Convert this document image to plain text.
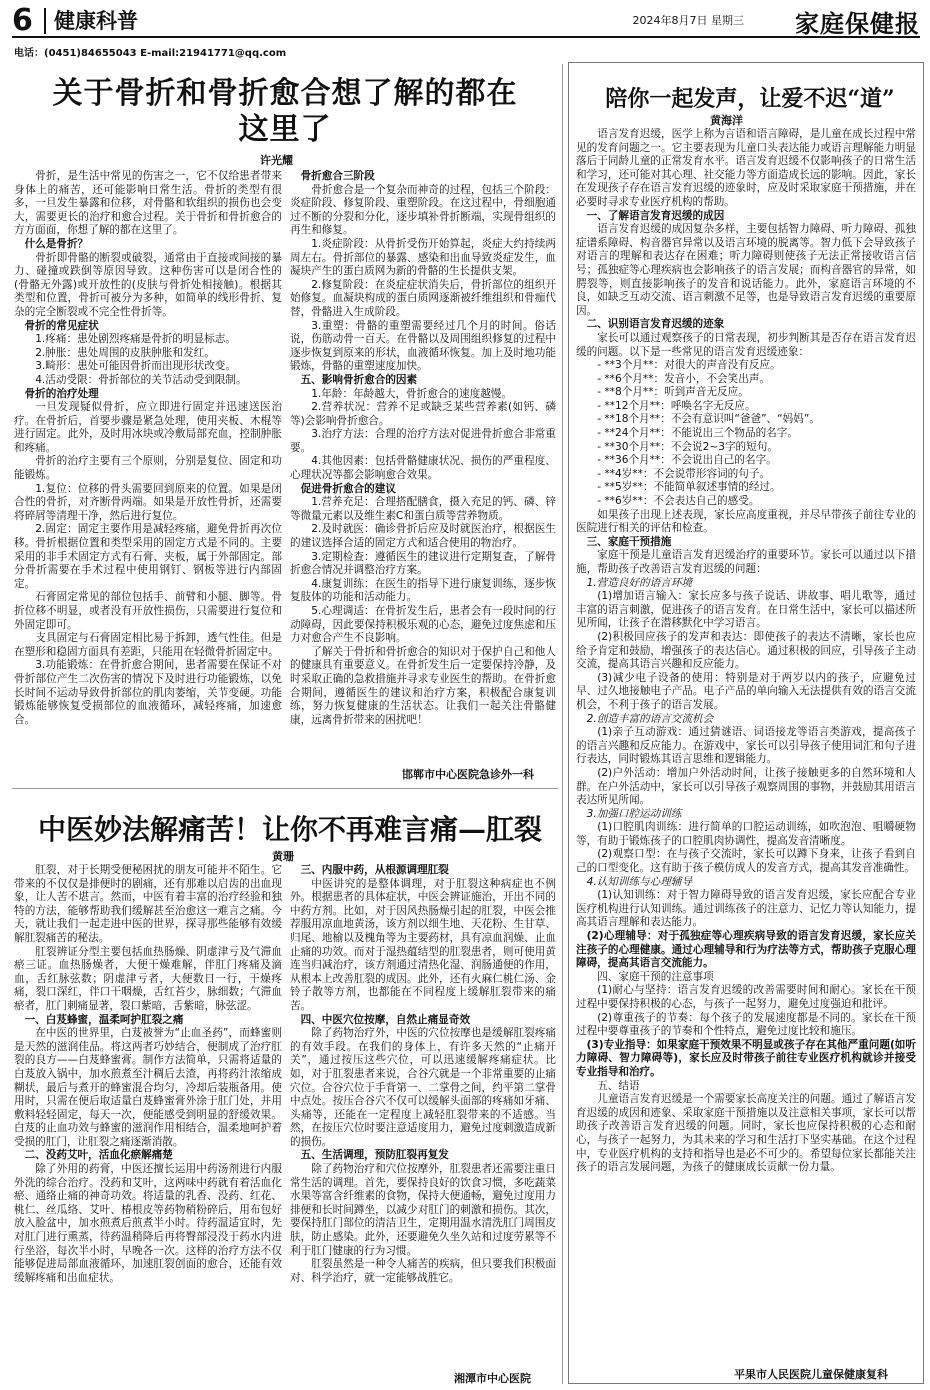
6	健康科普	2024年8月7日 星期三 家庭保健报
电话：(0451)84655043 E-mail:21941771@qq.com
关于骨折和骨折愈合想了解的都在这里了
许光耀

骨折，是生活中常见的伤害之一，它不仅给患者带来身体上的痛苦，还可能影响日常生活。骨折的类型有很多，一旦发生暴露和位移，对骨骼和软组织的损伤也会变大，需要更长的治疗和愈合过程。关于骨折和骨折愈合的方方面面，你想了解的都在这里了。

什么是骨折？

骨折即骨骼的断裂或破裂，通常由于直接或间接的暴力、碰撞或跌倒等原因导致。这种伤害可以是闭合性的(骨骼无外露)或开放性的(皮肤与骨折处相接触)。根据其类型和位置，骨折可被分为多种，如简单的线形骨折、复杂的完全断裂或不完全性骨折等。

骨折的常见症状

1.疼痛：患处剧烈疼痛是骨折的明显标志。

2.肿胀：患处周围的皮肤肿胀和发红。

3.畸形：患处可能因骨折而出现形状改变。

4.活动受限：骨折部位的关节活动受到限制。

骨折的治疗处理

一旦发现疑似骨折，应立即进行固定并迅速送医治疗。在骨折后，首要步骤是紧急处理，使用夹板、木棍等进行固定。此外，及时用冰块或冷敷局部充血，控制肿胀和疼痛。

骨折的治疗主要有三个原则，分别是复位、固定和功能锻炼。

1.复位：位移的骨头需要回到原来的位置。如果是闭合性的骨折，对齐断骨两端。如果是开放性骨折，还需要将碎屑等清理干净，然后进行复位。

2.固定：固定主要作用是减轻疼痛，避免骨折再次位移。骨折根据位置和类型采用的固定方式是不同的。主要采用的非手术固定方式有石膏、夹板，属于外部固定。部分骨折需要在手术过程中使用钢钉、钢板等进行内部固定。

石膏固定常见的部位包括手、前臂和小腿、脚等。骨折位移不明显，或者没有开放性损伤，只需要进行复位和外固定即可。

支具固定与石膏固定相比易于拆卸，透气性佳。但是在塑形和稳固方面具有差距，只能用在轻微骨折固定中。

3.功能锻炼：在骨折愈合期间，患者需要在保证不对骨折部位产生二次伤害的情况下及时进行功能锻炼，以免长时间不运动导致骨折部位的肌肉萎缩，关节变硬。功能锻炼能够恢复受损部位的血液循环，减轻疼痛，加速愈合。

骨折愈合三阶段

骨折愈合是一个复杂而神奇的过程，包括三个阶段：炎症阶段、修复阶段、重塑阶段。在这过程中，骨细胞通过不断的分裂和分化，逐步填补骨折断端，实现骨组织的再生和修复。

1.炎症阶段：从骨折受伤开始算起，炎症大约持续两周左右。骨折部位的暴露、感染和出血导致炎症发生，血凝块产生的蛋白质网为新的骨骼的生长提供支架。

2.修复阶段：在炎症症状消失后，骨折部位的组织开始修复。血凝块构成的蛋白质网逐渐被纤维组织和骨痂代替，骨骼进入生成阶段。

3.重塑：骨骼的重塑需要经过几个月的时间。俗话说，伤筋动骨一百天。在骨骼以及周围组织修复的过程中逐步恢复到原来的形状，血液循环恢复。加上及时地功能锻炼，骨骼的重塑速度加快。

五、影响骨折愈合的因素

1.年龄：年龄越大，骨折愈合的速度越慢。

2.营养状况：营养不足或缺乏某些营养素(如钙、磷等)会影响骨折愈合。

3.治疗方法：合理的治疗方法对促进骨折愈合非常重要。

4.其他因素：包括骨骼健康状况、损伤的严重程度、心理状况等都会影响愈合效果。

促进骨折愈合的建议

1.营养充足：合理搭配膳食，摄入充足的钙、磷、锌等微量元素以及维生素C和蛋白质等营养物质。

2.及时就医：确诊骨折后应及时就医治疗，根据医生的建议选择合适的固定方式和适合使用的物治疗。

3.定期检查：遵循医生的建议进行定期复查，了解骨折愈合情况并调整治疗方案。

4.康复训练：在医生的指导下进行康复训练，逐步恢复肢体的功能和活动能力。

5.心理调适：在骨折发生后，患者会有一段时间的行动障碍，因此要保持积极乐观的心态，避免过度焦虑和压力对愈合产生不良影响。

了解关于骨折和骨折愈合的知识对于保护自己和他人的健康具有重要意义。在骨折发生后一定要保持冷静，及时采取正确的急救措施并寻求专业医生的帮助。在骨折愈合期间，遵循医生的建议和治疗方案，积极配合康复训练，努力恢复健康的生活状态。让我们一起关注骨骼健康，远离骨折带来的困扰吧！

邯郸市中心医院急诊外一科
中医妙法解痛苦！让你不再难言痛—肛裂
黄珊

肛裂，对于长期受便秘困扰的朋友可能并不陌生。它带来的不仅仅是排便时的剧痛，还有那难以启齿的出血现象，让人苦不堪言。然而，中医有着丰富的治疗经验和独特的方法，能够帮助我们缓解甚至治愈这一难言之痛。今天，就让我们一起走进中医的世界，探寻那些能够有效缓解肛裂痛苦的秘法。

肛裂辨证分型主要包括血热肠燥、阴虚津亏及气滞血瘀三证。血热肠燥者，大便干燥难解，伴肛门疼痛及滴血，舌红脉弦数；阴虚津亏者，大便数日一行，干燥疼痛，裂口深红，伴口干咽燥，舌红苔少，脉细数；气滞血瘀者，肛门刺痛显著，裂口紫暗，舌紫暗，脉弦涩。

一、白芨蜂蜜，温柔呵护肛裂之痛

在中医的世界里，白芨被誉为“止血圣药”，而蜂蜜则是天然的滋润佳品。将这两者巧妙结合，便制成了治疗肛裂的良方——白芨蜂蜜膏。制作方法简单，只需将适量的白芨放入锅中，加水煎煮至汁稠后去渣，再将药汁浓缩成糊状，最后与煮开的蜂蜜混合均匀，冷却后装瓶备用。使用时，只需在便后取适量白芨蜂蜜膏外涂于肛门处，并用敷料轻轻固定，每天一次，便能感受到明显的舒缓效果。白芨的止血功效与蜂蜜的滋润作用相结合，温柔地呵护着受损的肛门，让肛裂之痛逐渐消散。

二、没药艾叶，活血化瘀解痛楚

除了外用的药膏，中医还擅长运用中药汤剂进行内服外洗的综合治疗。没药和艾叶，这两味中药就有着活血化瘀、通络止痛的神奇功效。将适量的乳香、没药、红花、桃仁、丝瓜络、艾叶、椿根皮等药物稍粉碎后，用布包好放入脸盆中，加水煎煮后煎煮半小时。待药温适宜时，先对肛门进行熏蒸，待药温稍降后再将臀部浸没于药水内进行坐浴，每次半小时，早晚各一次。这样的治疗方法不仅能够促进局部血液循环，加速肛裂创面的愈合，还能有效缓解疼痛和出血症状。

三、内服中药，从根源调理肛裂

中医讲究的是整体调理，对于肛裂这种病症也不例外。根据患者的具体症状，中医会辨证施治，开出不同的中药方剂。比如，对于因风热肠燥引起的肛裂，中医会推荐服用凉血地黄汤，该方剂以细生地、天花粉、生甘草、归尾、地榆以及槐角等为主要药材，具有凉血润燥、止血止痛的功效。而对于湿热蕴结型的肛裂患者，则可使用黄连当归减治疗，该方剂通过清热化湿、润肠通便的作用，从根本上改善肛裂的成因。此外，还有火麻仁桃仁汤、金铃子散等方剂，也都能在不同程度上缓解肛裂带来的痛苦。

四、中医穴位按摩，自然止痛显奇效

除了药物治疗外，中医的穴位按摩也是缓解肛裂疼痛的有效手段。在我们的身体上，有许多天然的“止痛开关”，通过按压这些穴位，可以迅速缓解疼痛症状。比如，对于肛裂患者来说，合谷穴就是一个非常重要的止痛穴位。合谷穴位于手背第一、二掌骨之间，约平第二掌骨中点处。按压合谷穴不仅可以缓解头面部的疼痛如牙痛、头痛等，还能在一定程度上减轻肛裂带来的不适感。当然，在按压穴位时要注意适度用力，避免过度刺激造成新的损伤。

五、生活调理，预防肛裂再复发

除了药物治疗和穴位按摩外，肛裂患者还需要注重日常生活的调理。首先，要保持良好的饮食习惯，多吃蔬菜水果等富含纤维素的食物，保持大便通畅，避免过度用力排便和长时间蹲坐，以减少对肛门的刺激和损伤。其次，要保持肛门部位的清洁卫生，定期用温水清洗肛门周围皮肤，防止感染。此外，还要避免久坐久站和过度劳累等不利于肛门健康的行为习惯。

肛裂虽然是一种令人痛苦的疾病，但只要我们积极面对、科学治疗，就一定能够战胜它。

湘潭市中心医院
陪你一起发声，让爱不迟“道”
黄海洋

语言发育迟缓，医学上称为言语和语言障碍，是儿童在成长过程中常见的发育问题之一。它主要表现为儿童口头表达能力或语言理解能力明显落后于同龄儿童的正常发育水平。语言发育迟缓不仅影响孩子的日常生活和学习，还可能对其心理、社交能力等方面造成长远的影响。因此，家长在发现孩子存在语言发育迟缓的迹象时，应及时采取家庭干预措施，并在必要时寻求专业医疗机构的帮助。

一、了解语言发育迟缓的成因

语言发育迟缓的成因复杂多样，主要包括智力障碍、听力障碍、孤独症谱系障碍、构音器官异常以及语言环境的脱离等。智力低下会导致孩子对语言的理解和表达存在困难；听力障碍则使孩子无法正常接收语言信号；孤独症等心理疾病也会影响孩子的语言发展；而构音器官的异常，如腭裂等，则直接影响孩子的发音和说话能力。此外，家庭语言环境的不良，如缺乏互动交流、语言刺激不足等，也是导致语言发育迟缓的重要原因。

二、识别语言发育迟缓的迹象

家长可以通过观察孩子的日常表现，初步判断其是否存在语言发育迟缓的问题。以下是一些常见的语言发育迟缓迹象：

- **3个月**：对很大的声音没有反应。
- **6个月**：发音小，不会笑出声。
- **8个月**：听到声音无反应。
- **12个月**：呼唤名字无反应。
- **18个月**：不会有意识叫“爸爸”、“妈妈”。
- **24个月**：不能说出三个物品的名字。
- **30个月**：不会说2~3字的短句。
- **36个月**：不会说出自己的名字。
- **4岁**：不会说带形容词的句子。
- **5岁**：不能简单叙述事情的经过。
- **6岁**：不会表达自己的感受。

如果孩子出现上述表现，家长应高度重视，并尽早带孩子前往专业的医院进行相关的评估和检查。

三、家庭干预措施

家庭干预是儿童语言发育迟缓治疗的重要环节。家长可以通过以下措施，帮助孩子改善语言发育迟缓的问题：

1.营造良好的语言环境

(1)增加语言输入：家长应多与孩子说话、讲故事、唱儿歌等，通过丰富的语言刺激，促进孩子的语言发育。在日常生活中，家长可以描述所见所闻，让孩子在潜移默化中学习语言。

(2)积极回应孩子的发声和表达：即使孩子的表达不清晰，家长也应给予肯定和鼓励，增强孩子的表达信心。通过积极的回应，引导孩子主动交流，提高其语言兴趣和反应能力。

(3)减少电子设备的使用：特别是对于两岁以内的孩子，应避免过早、过久地接触电子产品。电子产品的单向输入无法提供有效的语言交流机会，不利于孩子的语言发展。

2.创造丰富的语言交流机会

(1)亲子互动游戏：通过猜谜语、词语接龙等语言类游戏，提高孩子的语言兴趣和反应能力。在游戏中，家长可以引导孩子使用词汇和句子进行表达，同时锻炼其语言思维和逻辑能力。

(2)户外活动：增加户外活动时间，让孩子接触更多的自然环境和人群。在户外活动中，家长可以引导孩子观察周围的事物，并鼓励其用语言表达所见所闻。

3.加强口腔运动训练

(1)口腔肌肉训练：进行简单的口腔运动训练，如吹泡泡、咀嚼硬物等，有助于锻炼孩子的口腔肌肉协调性，提高发音清晰度。

(2)观察口型：在与孩子交流时，家长可以蹲下身来，让孩子看到自己的口型变化。这有助于孩子模仿成人的发音方式，提高其发音准确性。

4.认知训练与心理辅导

(1)认知训练：对于智力障碍导致的语言发育迟缓，家长应配合专业医疗机构进行认知训练。通过训练孩子的注意力、记忆力等认知能力，提高其语言理解和表达能力。

(2)心理辅导：对于孤独症等心理疾病导致的语言发育迟缓，家长应关注孩子的心理健康。通过心理辅导和行为疗法等方式，帮助孩子克服心理障碍，提高其语言交流能力。

四、家庭干预的注意事项

(1)耐心与坚持：语言发育迟缓的改善需要时间和耐心。家长在干预过程中要保持积极的心态，与孩子一起努力，避免过度强迫和批评。

(2)尊重孩子的节奏：每个孩子的发展速度都是不同的。家长在干预过程中要尊重孩子的节奏和个性特点，避免过度比较和施压。

(3)专业指导：如果家庭干预效果不明显或孩子存在其他严重问题(如听力障碍、智力障碍等)，家长应及时带孩子前往专业医疗机构就诊并接受专业指导和治疗。

五、结语

儿童语言发育迟缓是一个需要家长高度关注的问题。通过了解语言发育迟缓的成因和迹象、采取家庭干预措施以及注意相关事项，家长可以帮助孩子改善语言发育迟缓的问题。同时，家长也应保持积极的心态和耐心，与孩子一起努力，为其未来的学习和生活打下坚实基础。在这个过程中，专业医疗机构的支持和指导也是必不可少的。希望每位家长都能关注孩子的语言发展问题，为孩子的健康成长贡献一份力量。

平果市人民医院儿童保健康复科
